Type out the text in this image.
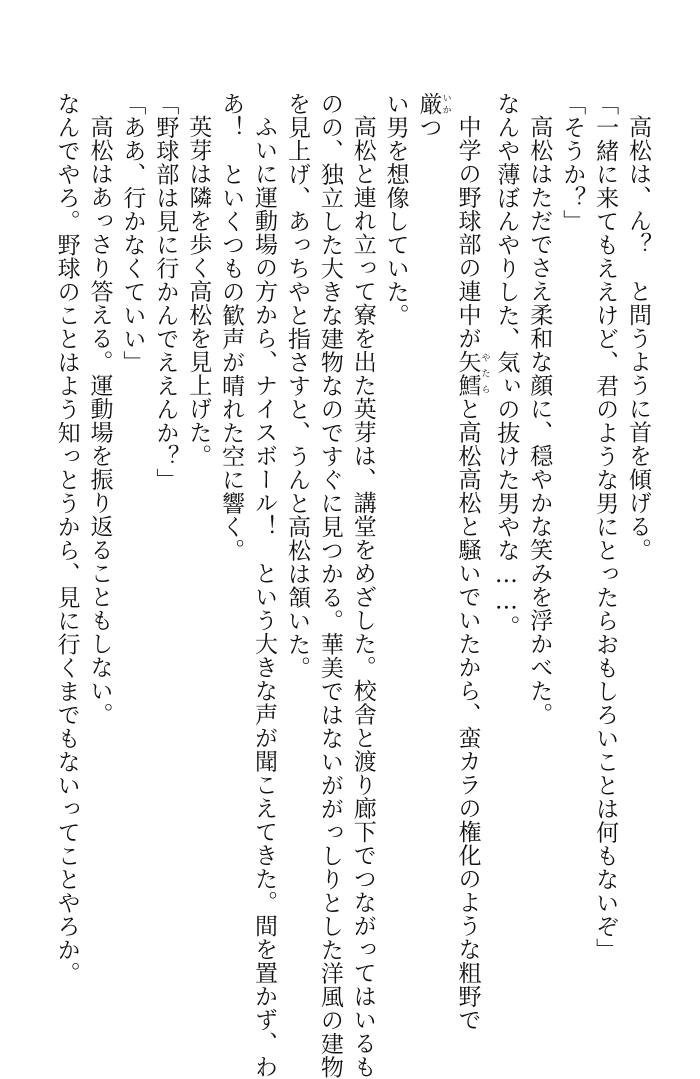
高松は、ん？　と問うように首を傾げる。

「一緒に来てもええけど、君のような男にとったらおもしろいことは何もないぞ」

「そうか？」

高松はただでさえ柔和な顔に、穏やかな笑みを浮かべた。

なんや薄ぼんやりした、気ぃの抜けた男やな……。

中学の野球部の連中が矢鱈 やたらと高松高松と騒いでいたから、蛮カラの権化のような粗野で

厳 いかつ

い男を想像していた。

高松と連れ立って寮を出た英芽は、講堂をめざした。校舎と渡り廊下でつながってはいるも

のの、独立した大きな建物なのですぐに見つかる。華美ではないががっしりとした洋風の建物

を見上げ、あっちやと指さすと、うんと高松は頷いた。

ふいに運動場の方から、ナイスボール！　という大きな声が聞こえてきた。間を置かず、わ

あ！　といくつもの歓声が晴れた空に響く。

英芽は隣を歩く高松を見上げた。

「野球部は見に行かんでええんか？」

「ああ、行かなくていい」

高松はあっさり答える。運動場を振り返ることもしない。

なんでやろ。野球のことはよう知っとうから、見に行くまでもないってことやろか。
